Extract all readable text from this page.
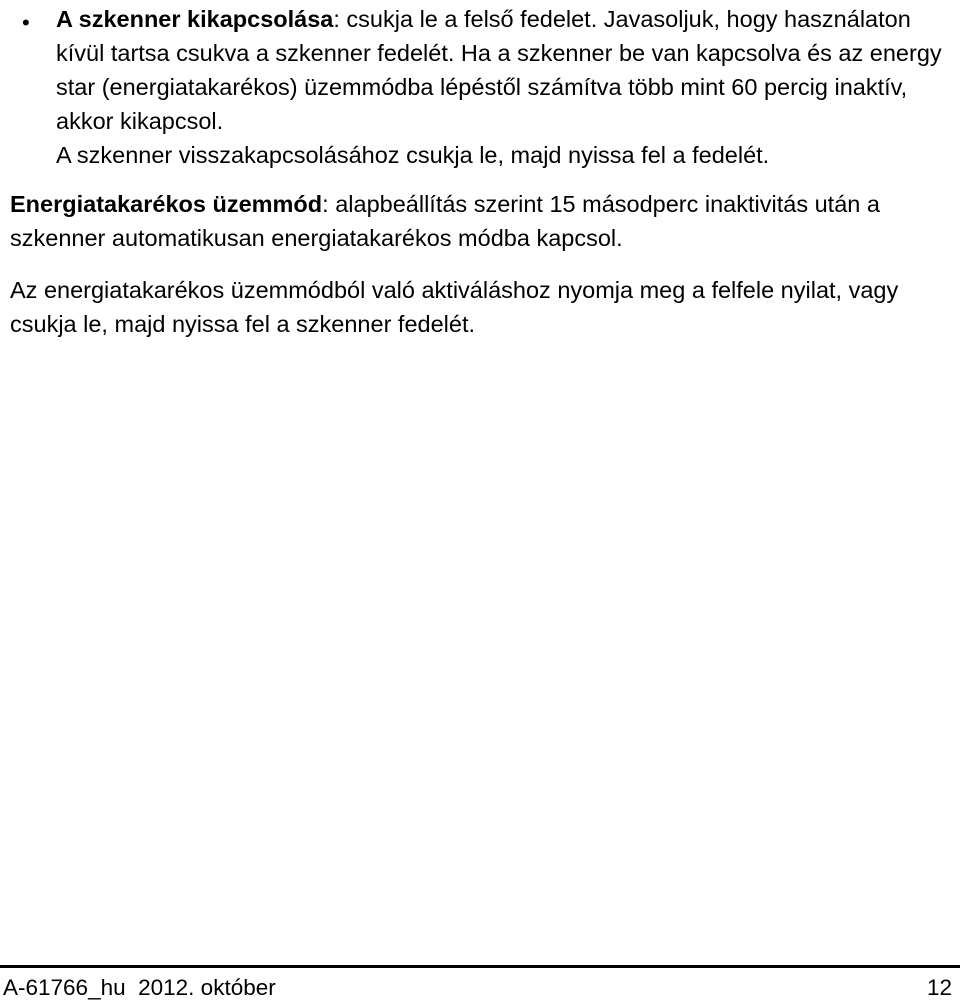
• A szkenner kikapcsolása: csukja le a felső fedelet. Javasoljuk, hogy használaton kívül tartsa csukva a szkenner fedelét. Ha a szkenner be van kapcsolva és az energy star (energiatakarékos) üzemmódba lépéstől számítva több mint 60 percig inaktív, akkor kikapcsol.

A szkenner visszakapcsolásához csukja le, majd nyissa fel a fedelét.

Energiatakarékos üzemmód: alapbeállítás szerint 15 másodperc inaktivitás után a szkenner automatikusan energiatakarékos módba kapcsol.

Az energiatakarékos üzemmódból való aktiváláshoz nyomja meg a felfele nyilat, vagy csukja le, majd nyissa fel a szkenner fedelét.

A-61766_hu 2012. október	12
